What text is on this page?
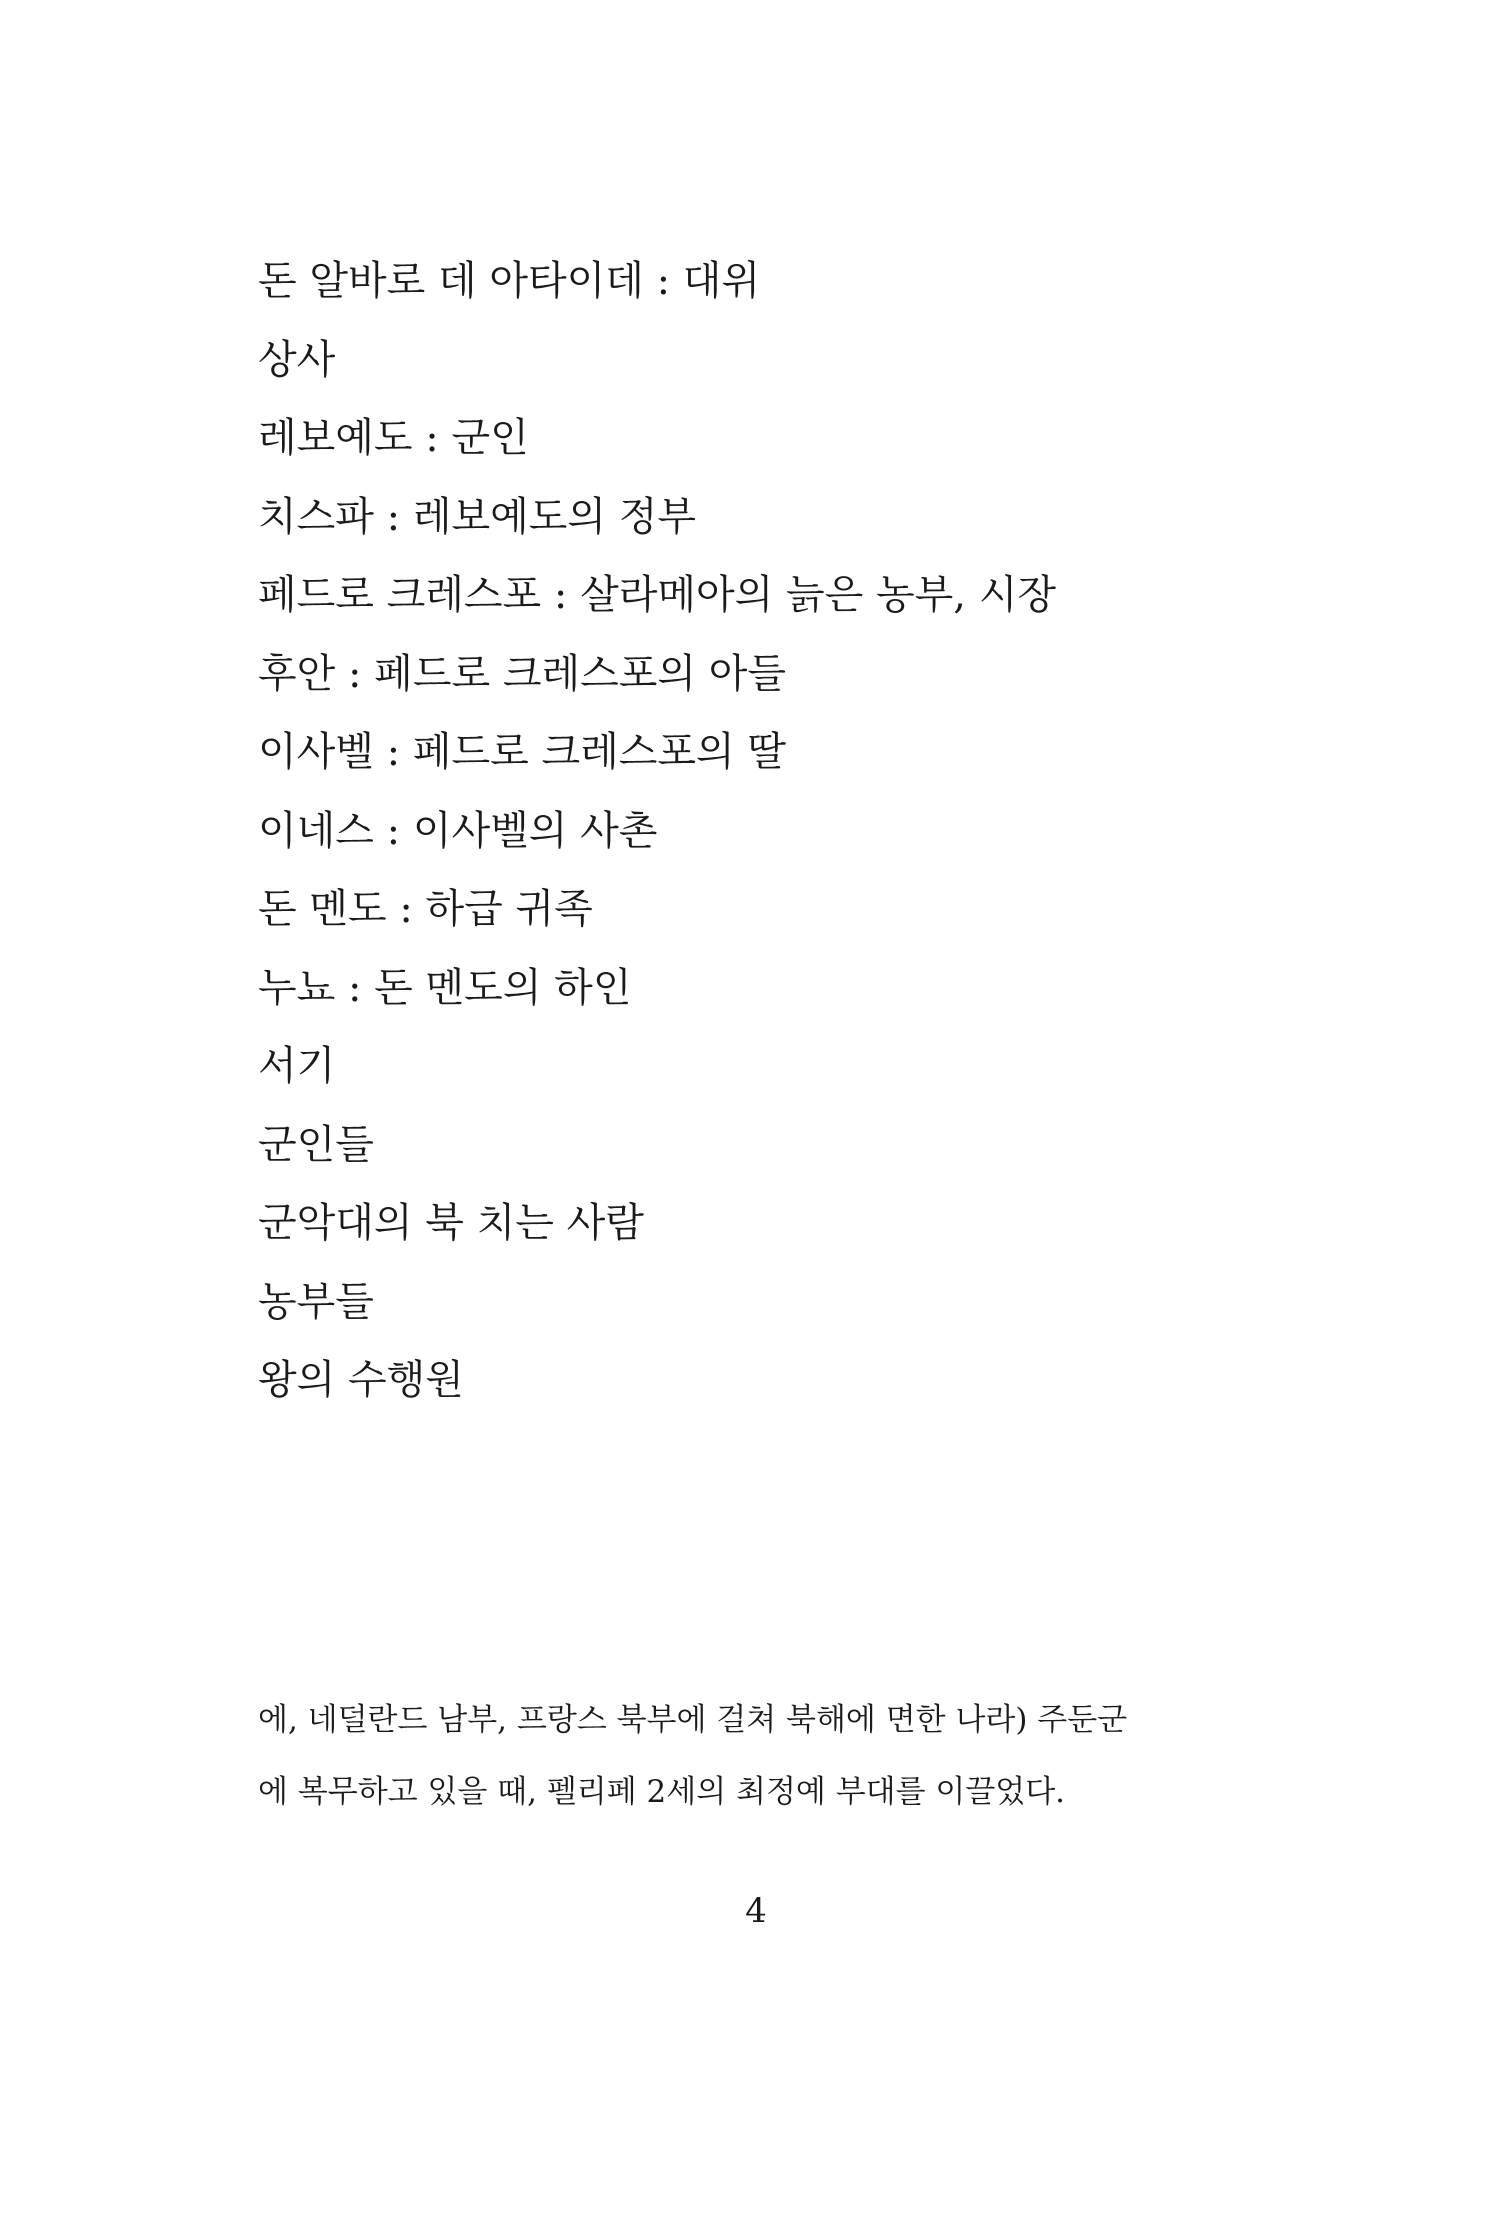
돈 알바로 데 아타이데 : 대위
상사
레보예도 : 군인
치스파 : 레보예도의 정부
페드로 크레스포 : 살라메아의 늙은 농부, 시장
후안 : 페드로 크레스포의 아들
이사벨 : 페드로 크레스포의 딸
이네스 : 이사벨의 사촌
돈 멘도 : 하급 귀족
누뇨 : 돈 멘도의 하인
서기
군인들
군악대의 북 치는 사람
농부들
왕의 수행원
에, 네덜란드 남부, 프랑스 북부에 걸쳐 북해에 면한 나라) 주둔군
에 복무하고 있을 때, 펠리페 2세의 최정예 부대를 이끌었다.
4
